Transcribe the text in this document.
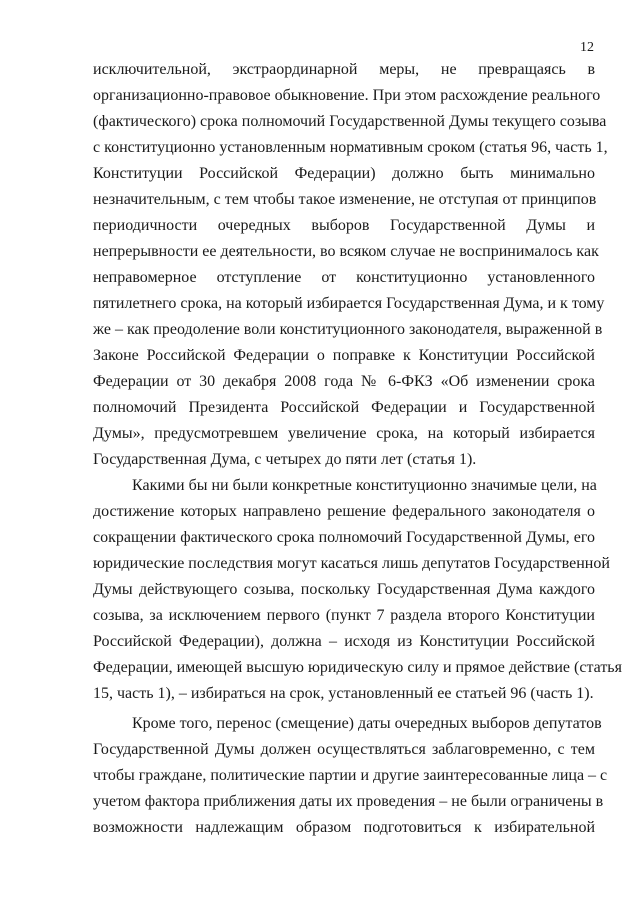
12
исключительной, экстраординарной меры, не превращаясь в
организационно-правовое обыкновение. При этом расхождение реального
(фактического) срока полномочий Государственной Думы текущего созыва
с конституционно установленным нормативным сроком (статья 96, часть 1,
Конституции Российской Федерации) должно быть минимально
незначительным, с тем чтобы такое изменение, не отступая от принципов
периодичности очередных выборов Государственной Думы и
непрерывности ее деятельности, во всяком случае не воспринималось как
неправомерное отступление от конституционно установленного
пятилетнего срока, на который избирается Государственная Дума, и к тому
же – как преодоление воли конституционного законодателя, выраженной в
Законе Российской Федерации о поправке к Конституции Российской
Федерации от 30 декабря 2008 года № 6-ФКЗ «Об изменении срока
полномочий Президента Российской Федерации и Государственной
Думы», предусмотревшем увеличение срока, на который избирается
Государственная Дума, с четырех до пяти лет (статья 1).
Какими бы ни были конкретные конституционно значимые цели, на
достижение которых направлено решение федерального законодателя о
сокращении фактического срока полномочий Государственной Думы, его
юридические последствия могут касаться лишь депутатов Государственной
Думы действующего созыва, поскольку Государственная Дума каждого
созыва, за исключением первого (пункт 7 раздела второго Конституции
Российской Федерации), должна – исходя из Конституции Российской
Федерации, имеющей высшую юридическую силу и прямое действие (статья
15, часть 1), – избираться на срок, установленный ее статьей 96 (часть 1).
Кроме того, перенос (смещение) даты очередных выборов депутатов
Государственной Думы должен осуществляться заблаговременно, с тем
чтобы граждане, политические партии и другие заинтересованные лица – с
учетом фактора приближения даты их проведения – не были ограничены в
возможности надлежащим образом подготовиться к избирательной
